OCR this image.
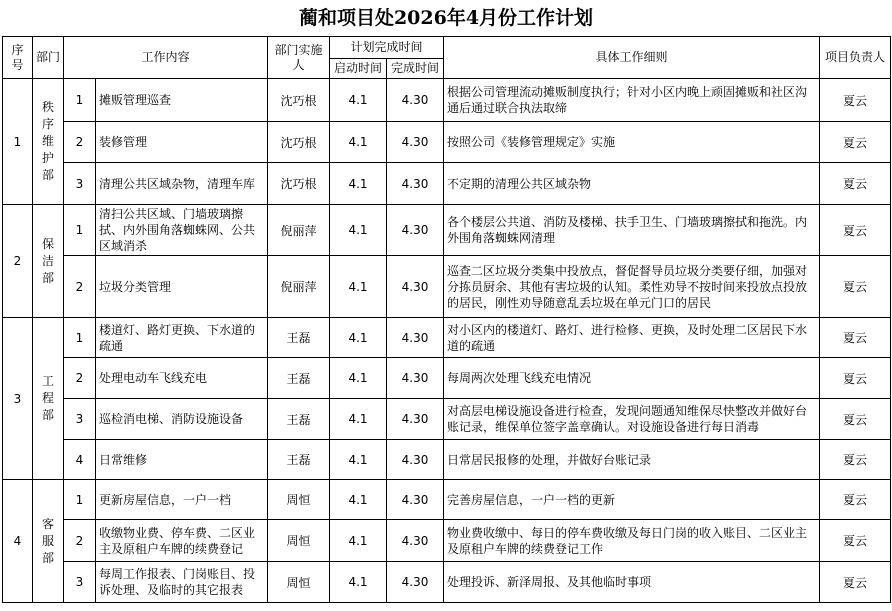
蔺和项目处2026年4月份工作计划
序
号	部门	工作内容		部门实施人	计划完成时间		具体工作细则	项目负责人
					启动时间	完成时间		
1	秩
序
维
护
部	1	摊贩管理巡查	沈巧根	4.1	4.30	根据公司管理流动摊贩制度执行；针对小区内晚上顽固摊贩和社区沟通后通过联合执法取缔	夏云
		2	装修管理	沈巧根	4.1	4.30	按照公司《装修管理规定》实施	夏云
		3	清理公共区域杂物，清理车库	沈巧根	4.1	4.30	不定期的清理公共区域杂物	夏云
2	保
洁
部	1	清扫公共区域、门墙玻璃擦拭、内外围角落蜘蛛网、公共区域消杀	倪丽萍	4.1	4.30	各个楼层公共道、消防及楼梯、扶手卫生、门墙玻璃擦拭和拖洗。内外围角落蜘蛛网清理	夏云
		2	垃圾分类管理	倪丽萍	4.1	4.30	巡查二区垃圾分类集中投放点，督促督导员垃圾分类要仔细，加强对分拣员厨余、其他有害垃圾的认知。柔性劝导不按时间来投放点投放的居民，刚性劝导随意乱丢垃圾在单元门口的居民	夏云
3	工
程
部	1	楼道灯、路灯更换、下水道的疏通	王磊	4.1	4.30	对小区内的楼道灯、路灯、进行检修、更换，及时处理二区居民下水道的疏通	夏云
		2	处理电动车飞线充电	王磊	4.1	4.30	每周两次处理飞线充电情况	夏云
		3	巡检消电梯、消防设施设备	王磊	4.1	4.30	对高层电梯设施设备进行检查，发现问题通知维保尽快整改并做好台账记录，维保单位签字盖章确认。对设施设备进行每日消毒	夏云
		4	日常维修	王磊	4.1	4.30	日常居民报修的处理，并做好台账记录	夏云
4	客
服
部	1	更新房屋信息，一户一档	周恒	4.1	4.30	完善房屋信息，一户一档的更新	夏云
		2	收缴物业费、停车费、二区业主及原租户车牌的续费登记	周恒	4.1	4.30	物业费收缴中、每日的停车费收缴及每日门岗的收入账目、二区业主及原租户车牌的续费登记工作	夏云
		3	每周工作报表、门岗账目、投诉处理、及临时的其它报表	周恒	4.1	4.30	处理投诉、新泽周报、及其他临时事项	夏云
